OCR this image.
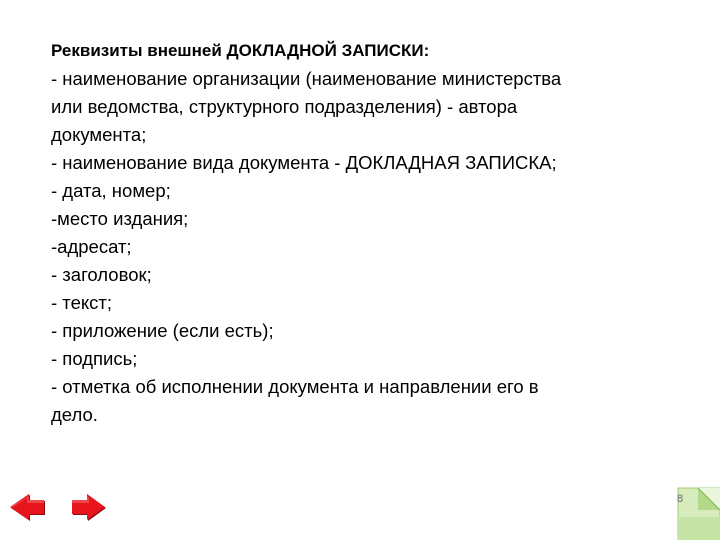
Реквизиты внешней ДОКЛАДНОЙ ЗАПИСКИ:
- наименование организации (наименование министерства
или ведомства, структурного подразделения) - автора
документа;
- наименование вида документа - ДОКЛАДНАЯ ЗАПИСКА;
- дата, номер;
-место издания;
-адресат;
- заголовок;
- текст;
- приложение (если есть);
- подпись;
- отметка об исполнении документа и направлении его в
дело.
8
